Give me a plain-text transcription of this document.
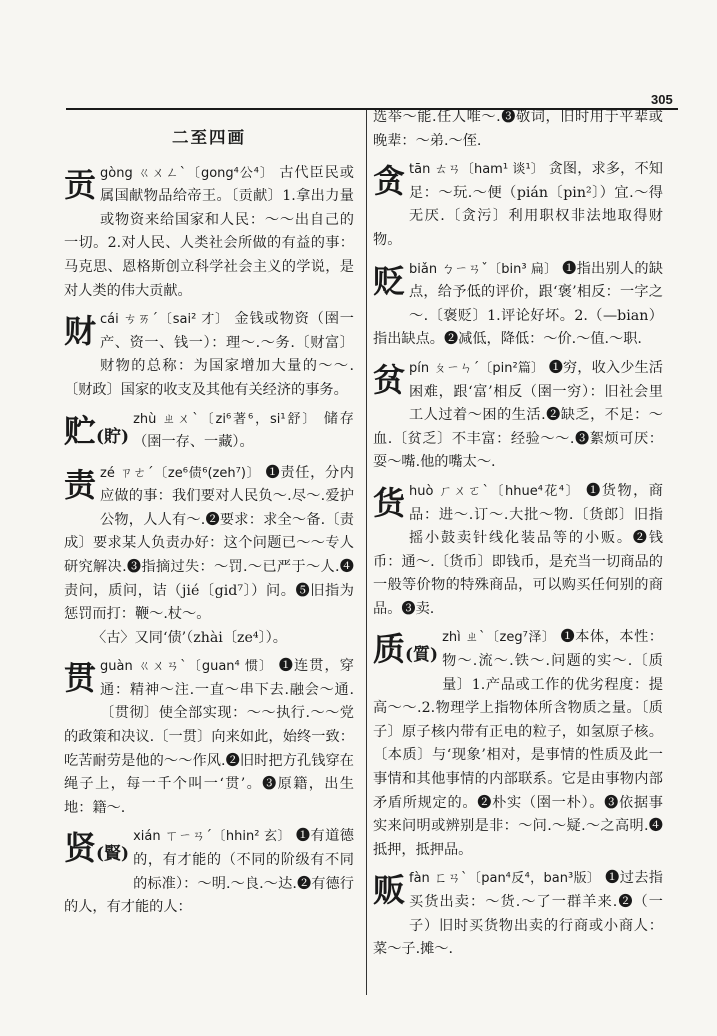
305
二至四画
贡 gòng ㄍㄨㄥˋ〔gong⁴公⁴〕 古代臣民或属国献物品给帝王。〔贡献〕1.拿出力量或物资来给国家和人民：～～出自己的一切。2.对人民、人类社会所做的有益的事：马克思、恩格斯创立科学社会主义的学说，是对人类的伟大贡献。
财 cái ㄘㄞˊ〔sai² 才〕 金钱或物资（圉一产、资一、钱一）：理～.～务.〔财富〕财物的总称：为国家增加大量的～～.〔财政〕国家的收支及其他有关经济的事务。
贮(貯)
zhù ㄓㄨˋ〔zi⁶著⁶，si¹舒〕 储存（圉一存、一藏）。
责 zé ㄗㄜˊ〔ze⁶债⁶(zeh⁷)〕 ❶责任，分内应做的事：我们要对人民负～.尽～.爱护公物，人人有～.❷要求：求全～备.〔责成〕要求某人负责办好：这个问题已～～专人研究解决.❸指摘过失：～罚.～已严于～人.❹责问，质问，诘（jié〔gid⁷〕）问。❺旧指为惩罚而打：鞭～.杖～。

〈古〉又同‘债’（zhài〔ze⁴〕）。

贯 guàn ㄍㄨㄢˋ〔guan⁴ 惯〕 ❶连贯，穿通：精神～注.一直～串下去.融会～通.〔贯彻〕使全部实现：～～执行.～～党的政策和决议.〔一贯〕向来如此，始终一致：吃苦耐劳是他的～～作风.❷旧时把方孔钱穿在绳子上，每一千个叫一‘贯’。❸原籍，出生地：籍～.
贤(賢)
xián ㄒㄧㄢˊ〔hhin² 玄〕 ❶有道德的，有才能的（不同的阶级有不同的标准）：～明.～良.～达.❷有德行的人，有才能的人：
选举～能.任人唯～.❸敬词，旧时用于平辈或晚辈：～弟.～侄.
贪 tān ㄊㄢ〔ham¹ 谈¹〕 贪图，求多，不知足：～玩.～便（pián〔pin²〕）宜.～得无厌.〔贪污〕利用职权非法地取得财物。
贬 biǎn ㄅㄧㄢˇ〔bin³ 扁〕 ❶指出别人的缺点，给予低的评价，跟‘褒’相反：一字之～.〔褒贬〕1.评论好坏。2.（—bian）指出缺点。❷减低，降低：～价.～值.～职.
贫 pín ㄆㄧㄣˊ〔pin²篇〕 ❶穷，收入少生活困难，跟‘富’相反（圉一穷）：旧社会里工人过着～困的生活.❷缺乏，不足：～血.〔贫乏〕不丰富：经验～～.❸絮烦可厌：耍～嘴.他的嘴太～.
货 huò ㄏㄨㄛˋ〔hhue⁴花⁴〕 ❶货物，商品：进～.订～.大批～物.〔货郎〕旧指摇小鼓卖针线化装品等的小贩。❷钱币：通～.〔货币〕即钱币，是充当一切商品的一般等价物的特殊商品，可以购买任何别的商品。❸卖.
质(質)
zhì ㄓˋ〔zeg⁷泽〕 ❶本体，本性：物～.流～.铁～.问题的实～.〔质量〕1.产品或工作的优劣程度：提高～～.2.物理学上指物体所含物质之量。〔质子〕原子核内带有正电的粒子，如氢原子核。〔本质〕与‘现象’相对，是事情的性质及此一事情和其他事情的内部联系。它是由事物内部矛盾所规定的。❷朴实（圉一朴）。❸依据事实来问明或辨别是非：～问.～疑.～之高明.❹抵押，抵押品。
贩 fàn ㄈㄢˋ〔pan⁴反⁴，ban³版〕 ❶过去指买货出卖：～货.～了一群羊来.❷（一子）旧时买货物出卖的行商或小商人：菜～子.摊～.
